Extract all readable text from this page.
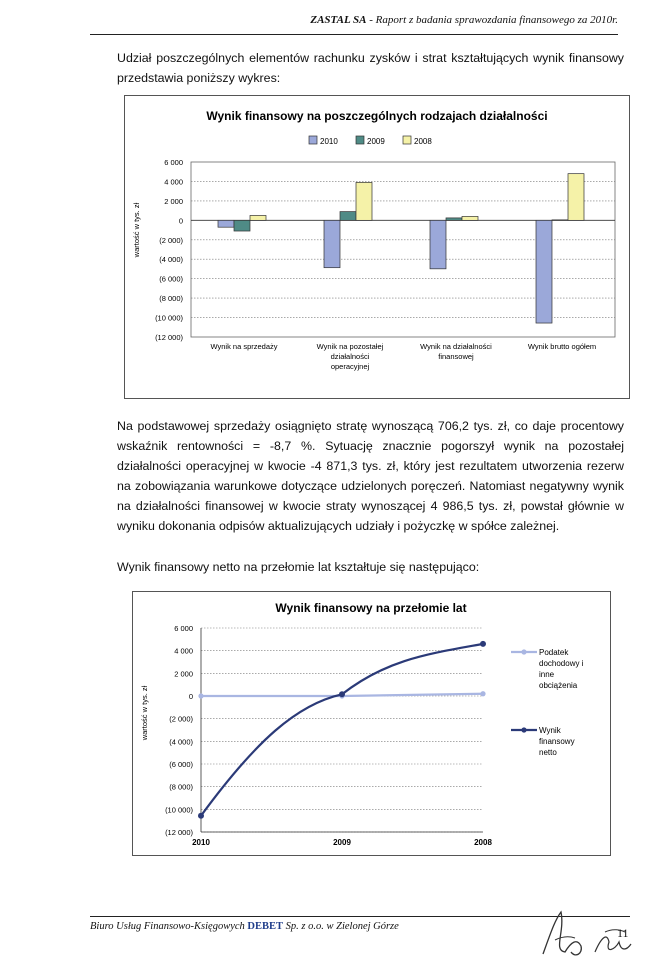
ZASTAL SA - Raport z badania sprawozdania finansowego za 2010r.
Udział poszczególnych elementów rachunku zysków i strat kształtujących wynik finansowy przedstawia poniższy wykres:
Wynik finansowy na poszczególnych rodzajach działalności
2010	2009	2008
6 000
4 000
2 000
0
(2 000)
(4 000)
(6 000)
(8 000)
(10 000)
(12 000)
wartość w tys. zł
Wynik na sprzedaży	Wynik na pozostałej
działalności
operacyjnej
Wynik na działalności
finansowej
Wynik brutto ogółem
Na podstawowej sprzedaży osiągnięto stratę wynoszącą 706,2 tys. zł, co daje procentowy wskaźnik rentowności = -8,7 %. Sytuację znacznie pogorszył wynik na pozostałej działalności operacyjnej w kwocie -4 871,3 tys. zł, który jest rezultatem utworzenia rezerw na zobowiązania warunkowe dotyczące udzielonych poręczeń. Natomiast negatywny wynik na działalności finansowej w kwocie straty wynoszącej 4 986,5 tys. zł, powstał głównie w wyniku dokonania odpisów aktualizujących udziały i pożyczkę w spółce zależnej.
Wynik finansowy netto na przełomie lat kształtuje się następująco:
Wynik finansowy na przełomie lat
6 000
4 000
2 000
0
(2 000)
(4 000)
(6 000)
(8 000)
(10 000)
(12 000)
wartość w tys. zł
2010	2009	2008
Podatek
dochodowy i
inne
obciążenia
Wynik
finansowy
netto
Biuro Usług Finansowo-Księgowych DEBET Sp. z o.o. w Zielonej Górze	11
